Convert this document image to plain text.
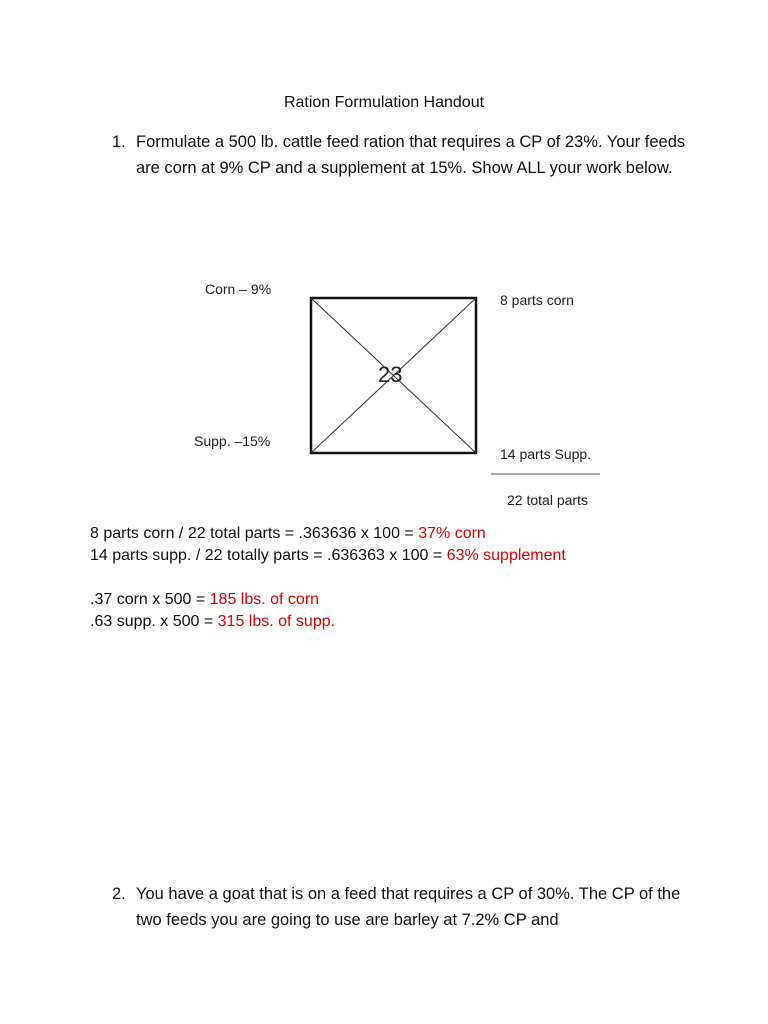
Ration Formulation Handout
1. Formulate a 500 lb. cattle feed ration that requires a CP of 23%. Your feeds are corn at 9% CP and a supplement at 15%. Show ALL your work below.
Corn – 9%
Supp. –15%
23
8 parts corn
14 parts Supp.
22 total parts
8 parts corn / 22 total parts = .363636 x 100 = 37% corn
14 parts supp. / 22 totally parts = .636363 x 100 = 63% supplement
.37 corn x 500 = 185 lbs. of corn
.63 supp. x 500 = 315 lbs. of supp.
2. You have a goat that is on a feed that requires a CP of 30%. The CP of the two feeds you are going to use are barley at 7.2% CP and
